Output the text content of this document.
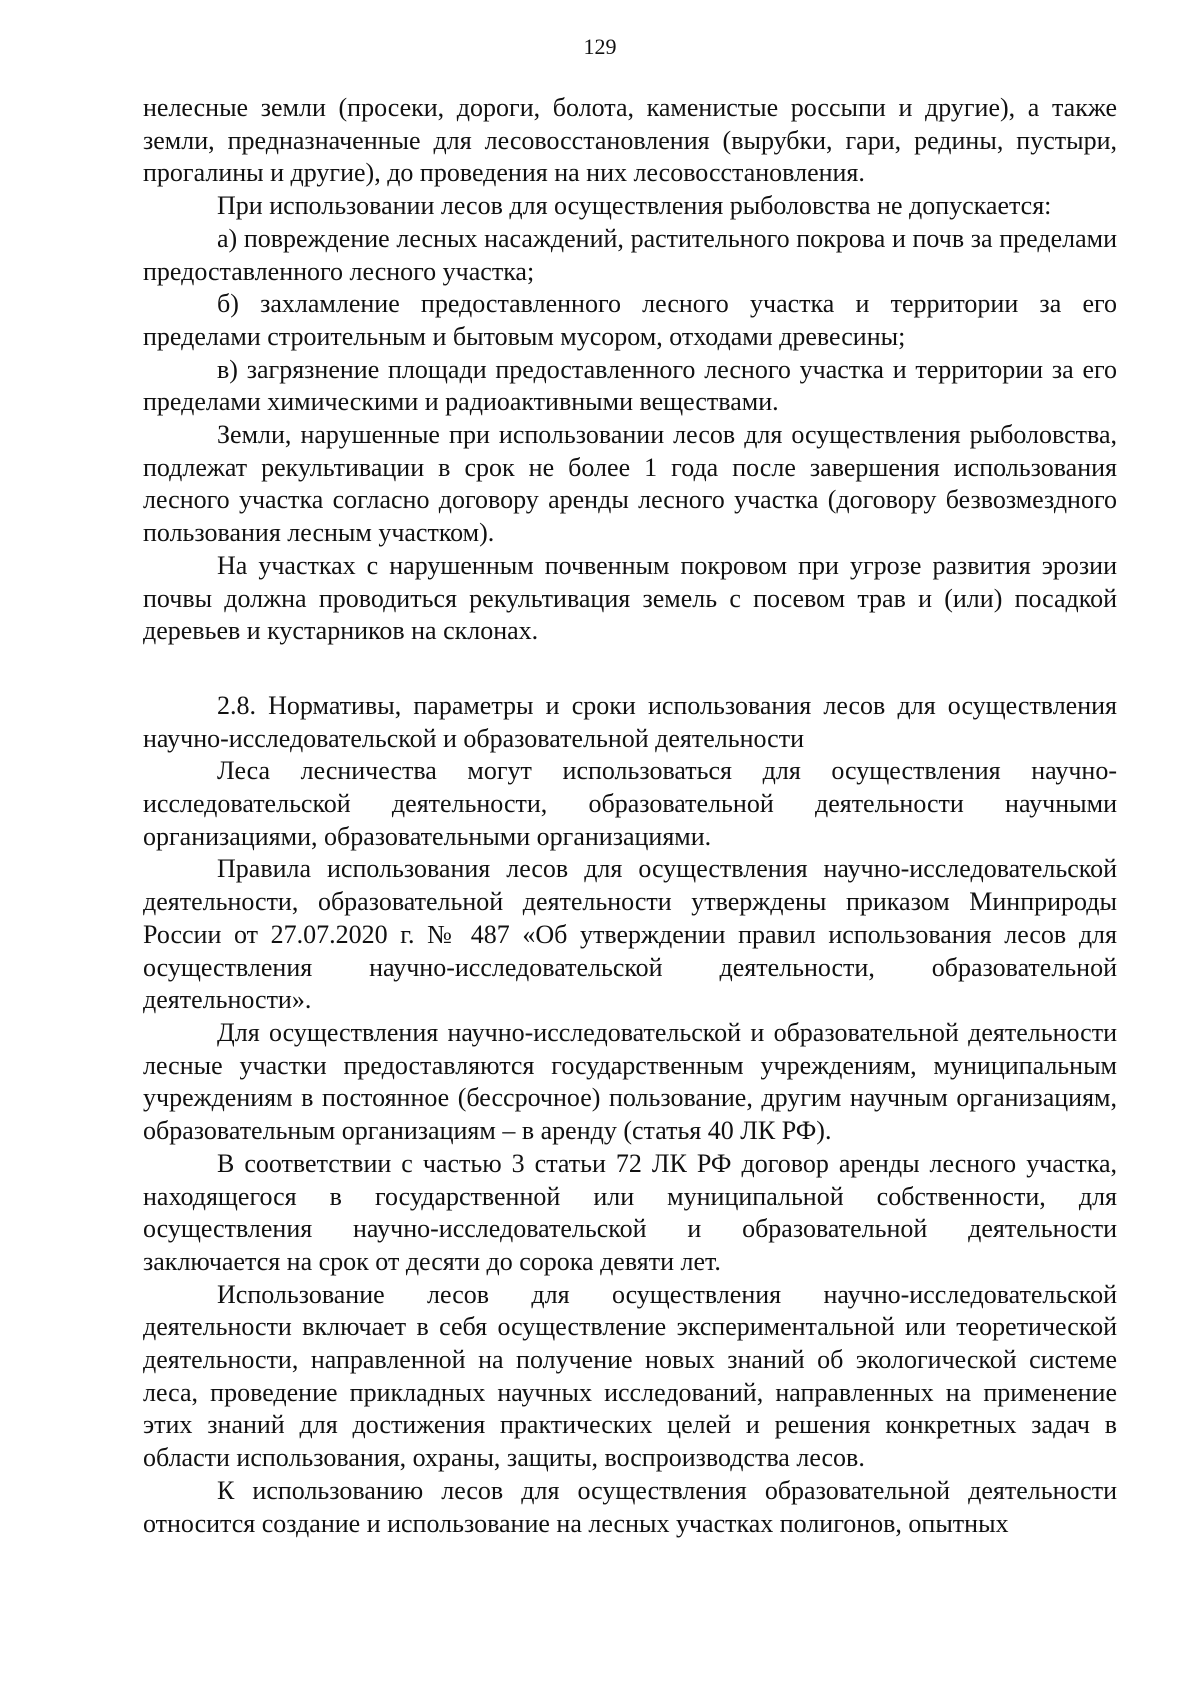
129

нелесные земли (просеки, дороги, болота, каменистые россыпи и другие), а также земли, предназначенные для лесовосстановления (вырубки, гари, редины, пустыри, прогалины и другие), до проведения на них лесовосстановления.

При использовании лесов для осуществления рыболовства не допускается:

а) повреждение лесных насаждений, растительного покрова и почв за пределами предоставленного лесного участка;

б) захламление предоставленного лесного участка и территории за его пределами строительным и бытовым мусором, отходами древесины;

в) загрязнение площади предоставленного лесного участка и территории за его пределами химическими и радиоактивными веществами.

Земли, нарушенные при использовании лесов для осуществления рыболовства, подлежат рекультивации в срок не более 1 года после завершения использования лесного участка согласно договору аренды лесного участка (договору безвозмездного пользования лесным участком).

На участках с нарушенным почвенным покровом при угрозе развития эрозии почвы должна проводиться рекультивация земель с посевом трав и (или) посадкой деревьев и кустарников на склонах.

2.8. Нормативы, параметры и сроки использования лесов для осуществления научно-исследовательской и образовательной деятельности

Леса лесничества могут использоваться для осуществления научно-исследовательской деятельности, образовательной деятельности научными организациями, образовательными организациями.

Правила использования лесов для осуществления научно-исследовательской деятельности, образовательной деятельности утверждены приказом Минприроды России от 27.07.2020 г. № 487 «Об утверждении правил использования лесов для осуществления научно-исследовательской деятельности, образовательной деятельности».

Для осуществления научно-исследовательской и образовательной деятельности лесные участки предоставляются государственным учреждениям, муниципальным учреждениям в постоянное (бессрочное) пользование, другим научным организациям, образовательным организациям – в аренду (статья 40 ЛК РФ).

В соответствии с частью 3 статьи 72 ЛК РФ договор аренды лесного участка, находящегося в государственной или муниципальной собственности, для осуществления научно-исследовательской и образовательной деятельности заключается на срок от десяти до сорока девяти лет.

Использование лесов для осуществления научно-исследовательской деятельности включает в себя осуществление экспериментальной или теоретической деятельности, направленной на получение новых знаний об экологической системе леса, проведение прикладных научных исследований, направленных на применение этих знаний для достижения практических целей и решения конкретных задач в области использования, охраны, защиты, воспроизводства лесов.

К использованию лесов для осуществления образовательной деятельности относится создание и использование на лесных участках полигонов, опытных
